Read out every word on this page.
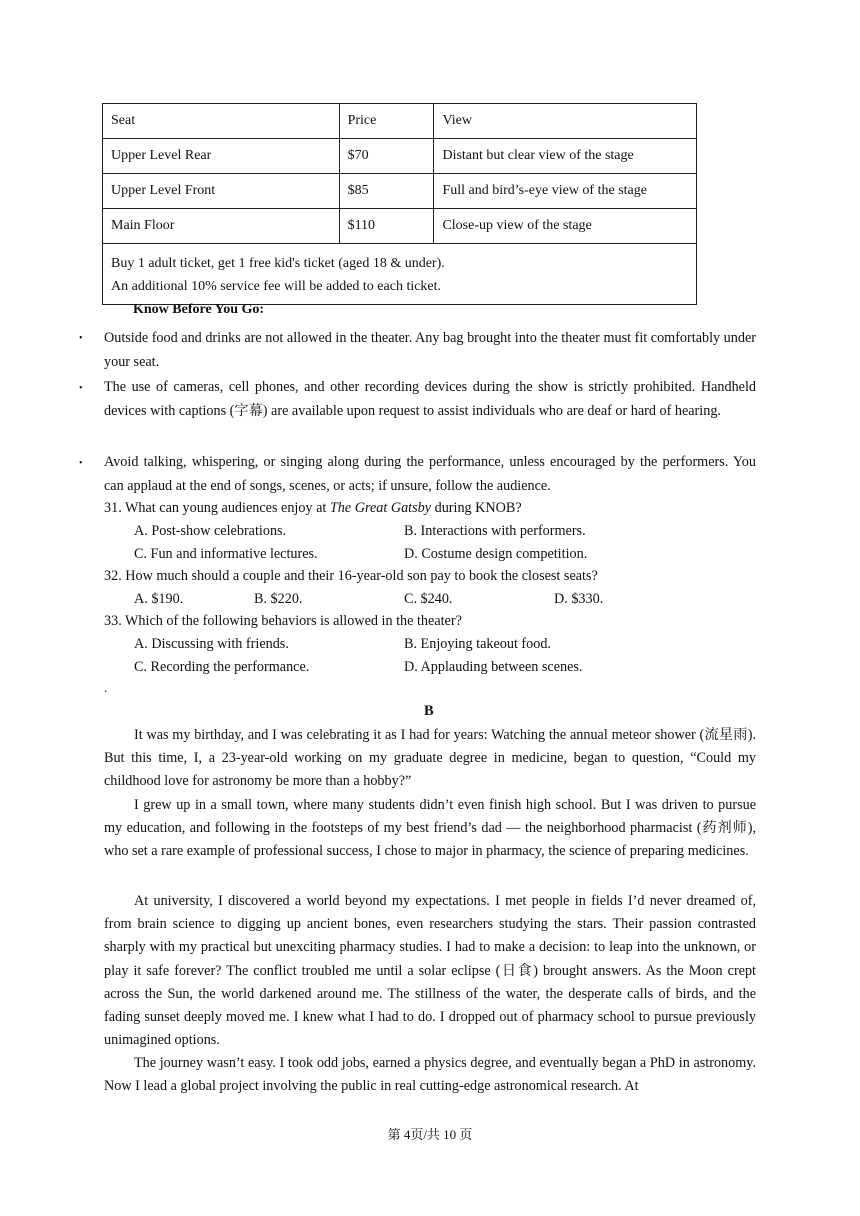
Seat	Price	View
Upper Level Rear	$70	Distant but clear view of the stage
Upper Level Front	$85	Full and bird’s-eye view of the stage
Main Floor	$110	Close-up view of the stage

Buy 1 adult ticket, get 1 free kid's ticket (aged 18 & under).
An additional 10% service fee will be added to each ticket.		
Know Before You Go:
• Outside food and drinks are not allowed in the theater. Any bag brought into the theater must fit comfortably under your seat.
• The use of cameras, cell phones, and other recording devices during the show is strictly prohibited. Handheld devices with captions (字幕) are available upon request to assist individuals who are deaf or hard of hearing.
• Avoid talking, whispering, or singing along during the performance, unless encouraged by the performers. You can applaud at the end of songs, scenes, or acts; if unsure, follow the audience.
31. What can young audiences enjoy at The Great Gatsby during KNOB?
A. Post-show celebrations.	B. Interactions with performers.
C. Fun and informative lectures.	D. Costume design competition.
32. How much should a couple and their 16-year-old son pay to book the closest seats?
A. $190.	B. $220.	C. $240.	D. $330.
33. Which of the following behaviors is allowed in the theater?
A. Discussing with friends.	B. Enjoying takeout food.
C. Recording the performance.	D. Applauding between scenes.
.
B
It was my birthday, and I was celebrating it as I had for years: Watching the annual meteor shower (流星雨). But this time, I, a 23-year-old working on my graduate degree in medicine, began to question, “Could my childhood love for astronomy be more than a hobby?”
I grew up in a small town, where many students didn’t even finish high school. But I was driven to pursue my education, and following in the footsteps of my best friend’s dad — the neighborhood pharmacist (药剂师), who set a rare example of professional success, I chose to major in pharmacy, the science of preparing medicines.
At university, I discovered a world beyond my expectations. I met people in fields I’d never dreamed of, from brain science to digging up ancient bones, even researchers studying the stars. Their passion contrasted sharply with my practical but unexciting pharmacy studies. I had to make a decision: to leap into the unknown, or play it safe forever? The conflict troubled me until a solar eclipse (日食) brought answers. As the Moon crept across the Sun, the world darkened around me. The stillness of the water, the desperate calls of birds, and the fading sunset deeply moved me. I knew what I had to do. I dropped out of pharmacy school to pursue previously unimagined options.
The journey wasn’t easy. I took odd jobs, earned a physics degree, and eventually began a PhD in astronomy. Now I lead a global project involving the public in real cutting-edge astronomical research. At
第 4页/共 10 页
